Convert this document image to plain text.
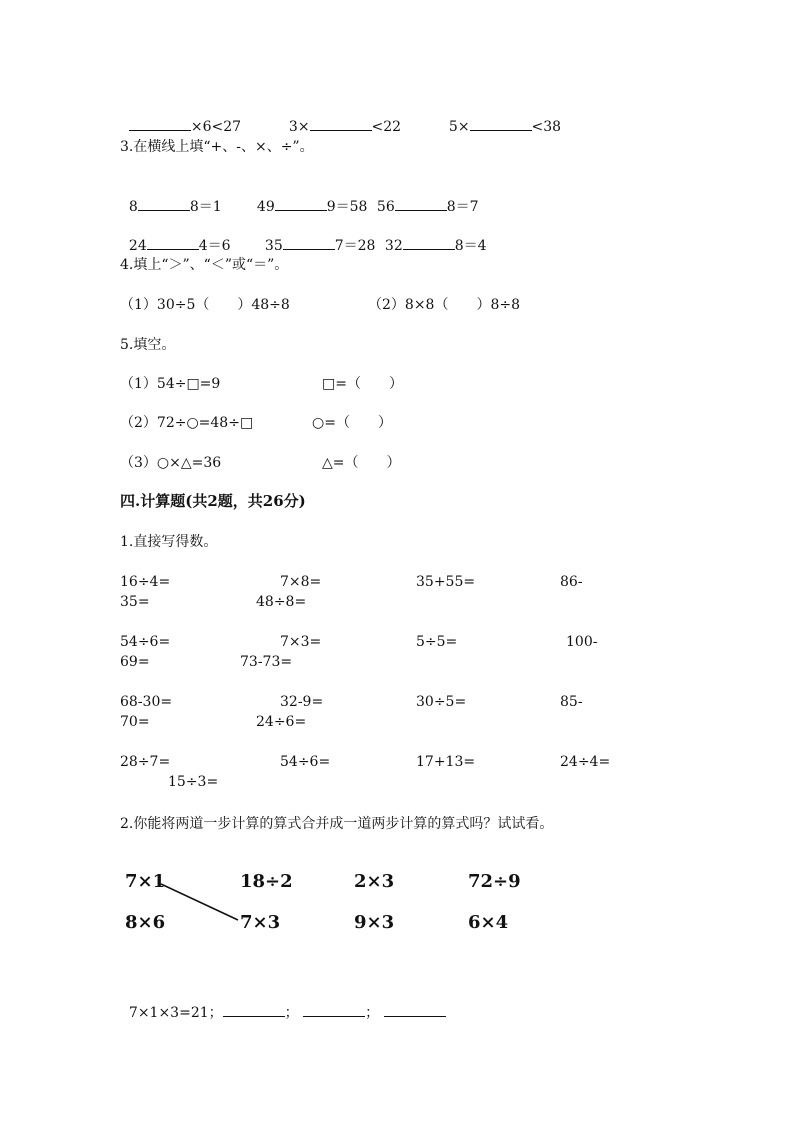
×6<27	3×	<22	5×	<38

3.在横线上填“+、-、×、÷”。

8	8＝1	49	9＝58 56	8＝7

24	4＝6	35	7＝28 32	8＝4

4.填上“＞”、“＜”或“＝”。
（1）30÷5（　　）48÷8	（2）8×8（　　）8÷8
5.填空。
（1）54÷□=9	□=（　　）
（2）72÷○=48÷□	○=（　　）
（3）○×△=36	△=（　　）
四.计算题(共2题，共26分)
1.直接写得数。
16÷4=	7×8=	35+55=	86-
35=	48÷8=
54÷6=	7×3=	5÷5=	100-
69=	73-73=
68-30=	32-9=	30÷5=	85-
70=	24÷6=
28÷7=	54÷6=	17+13=	24÷4=
15÷3=
2.你能将两道一步计算的算式合并成一道两步计算的算式吗？试试看。
7×1	18÷2	2×3	72÷9
8×6	7×3	9×3	6×4

7×1×3=21；	；	；
